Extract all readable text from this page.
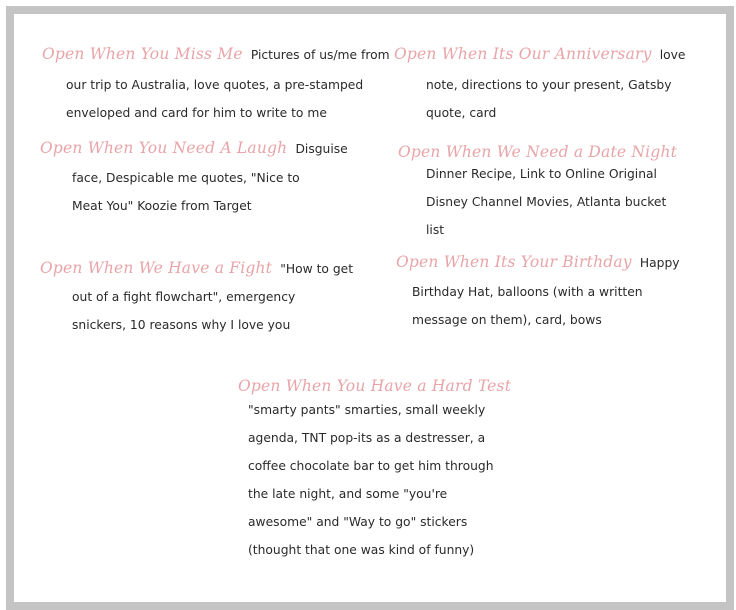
Open When You Miss Me Pictures of us/me from
our trip to Australia, love quotes, a pre-stamped
enveloped and card for him to write to me
Open When Its Our Anniversary love
note, directions to your present, Gatsby
quote, card
Open When You Need A Laugh Disguise
face, Despicable me quotes, "Nice to
Meat You" Koozie from Target
Open When We Need a Date Night
Dinner Recipe, Link to Online Original
Disney Channel Movies, Atlanta bucket
list
Open When We Have a Fight "How to get
out of a fight flowchart", emergency
snickers, 10 reasons why I love you
Open When Its Your Birthday Happy
Birthday Hat, balloons (with a written
message on them), card, bows
Open When You Have a Hard Test
"smarty pants" smarties, small weekly
agenda, TNT pop-its as a destresser, a
coffee chocolate bar to get him through
the late night, and some "you're
awesome" and "Way to go" stickers
(thought that one was kind of funny)
